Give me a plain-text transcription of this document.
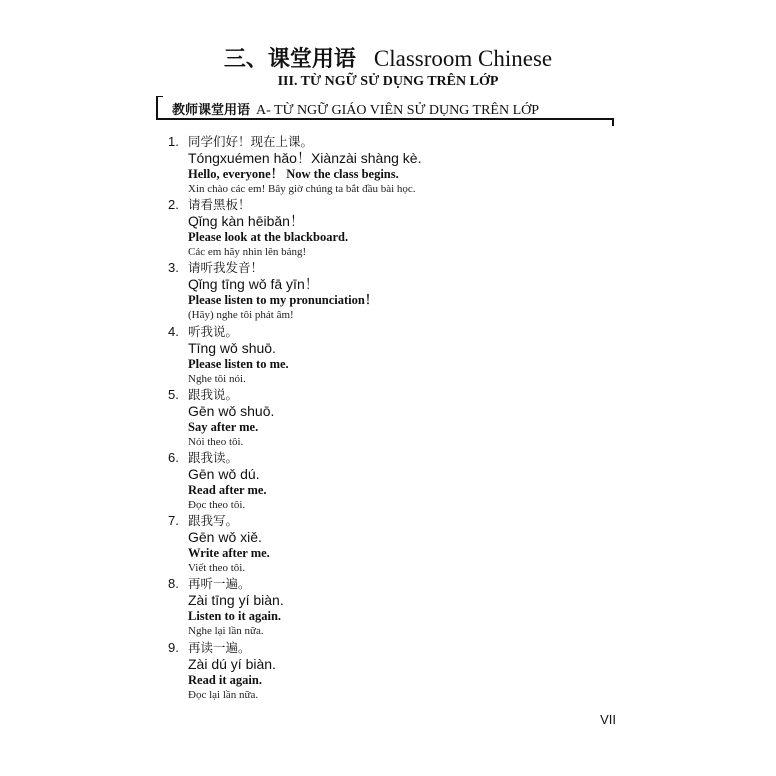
三、课堂用语 Classroom Chinese
III. TỪ NGỮ SỬ DỤNG TRÊN LỚP
教师课堂用语 A- TỪ NGỮ GIÁO VIÊN SỬ DỤNG TRÊN LỚP
1. 同学们好！现在上课。
Tóngxuémen hǎo！Xiànzài shàng kè.
Hello, everyone！ Now the class begins.
Xin chào các em! Bây giờ chúng ta bắt đầu bài học.
2. 请看黑板！
Qǐng kàn hēibǎn！
Please look at the blackboard.
Các em hãy nhìn lên bảng!
3. 请听我发音！
Qǐng tīng wǒ fā yīn！
Please listen to my pronunciation！
(Hãy) nghe tôi phát âm!
4. 听我说。
Tīng wǒ shuō.
Please listen to me.
Nghe tôi nói.
5. 跟我说。
Gēn wǒ shuō.
Say after me.
Nói theo tôi.
6. 跟我读。
Gēn wǒ dú.
Read after me.
Đọc theo tôi.
7. 跟我写。
Gēn wǒ xiě.
Write after me.
Viết theo tôi.
8. 再听一遍。
Zài tīng yí biàn.
Listen to it again.
Nghe lại lần nữa.
9. 再读一遍。
Zài dú yí biàn.
Read it again.
Đọc lại lần nữa.
VII
